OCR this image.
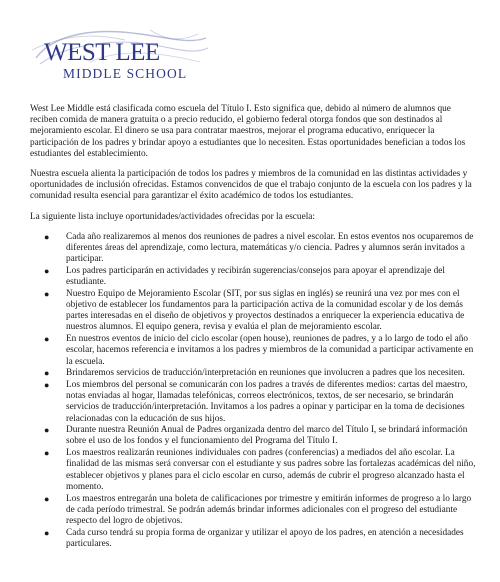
WEST LEE
MIDDLE SCHOOL

West Lee Middle está clasificada como escuela del Título I. Esto significa que, debido al número de alumnos que reciben comida de manera gratuita o a precio reducido, el gobierno federal otorga fondos que son destinados al mejoramiento escolar. El dinero se usa para contratar maestros, mejorar el programa educativo, enriquecer la participación de los padres y brindar apoyo a estudiantes que lo necesiten. Estas oportunidades benefician a todos los estudiantes del establecimiento.

Nuestra escuela alienta la participación de todos los padres y miembros de la comunidad en las distintas actividades y oportunidades de inclusión ofrecidas. Estamos convencidos de que el trabajo conjunto de la escuela con los padres y la comunidad resulta esencial para garantizar el éxito académico de todos los estudiantes.

La siguiente lista incluye oportunidades/actividades ofrecidas por la escuela:

● Cada año realizaremos al menos dos reuniones de padres a nivel escolar. En estos eventos nos ocuparemos de diferentes áreas del aprendizaje, como lectura, matemáticas y/o ciencia. Padres y alumnos serán invitados a participar.
● Los padres participarán en actividades y recibirán sugerencias/consejos para apoyar el aprendizaje del estudiante.
● Nuestro Equipo de Mejoramiento Escolar (SIT, por sus siglas en inglés) se reunirá una vez por mes con el objetivo de establecer los fundamentos para la participación activa de la comunidad escolar y de los demás partes interesadas en el diseño de objetivos y proyectos destinados a enriquecer la experiencia educativa de nuestros alumnos. El equipo genera, revisa y evalúa el plan de mejoramiento escolar.
● En nuestros eventos de inicio del ciclo escolar (open house), reuniones de padres, y a lo largo de todo el año escolar, hacemos referencia e invitamos a los padres y miembros de la comunidad a participar activamente en la escuela.
● Brindaremos servicios de traducción/interpretación en reuniones que involucren a padres que los necesiten.
● Los miembros del personal se comunicarán con los padres a través de diferentes medios: cartas del maestro, notas enviadas al hogar, llamadas telefónicas, correos electrónicos, textos, de ser necesario, se brindarán servicios de traducción/interpretación. Invitamos a los padres a opinar y participar en la toma de decisiones relacionadas con la educación de sus hijos.
● Durante nuestra Reunión Anual de Padres organizada dentro del marco del Título I, se brindará información sobre el uso de los fondos y el funcionamiento del Programa del Título I.
● Los maestros realizarán reuniones individuales con padres (conferencias) a mediados del año escolar. La finalidad de las mismas será conversar con el estudiante y sus padres sobre las fortalezas académicas del niño, establecer objetivos y planes para el ciclo escolar en curso, además de cubrir el progreso alcanzado hasta el momento.
● Los maestros entregarán una boleta de calificaciones por trimestre y emitirán informes de progreso a lo largo de cada período trimestral. Se podrán además brindar informes adicionales con el progreso del estudiante respecto del logro de objetivos.
● Cada curso tendrá su propia forma de organizar y utilizar el apoyo de los padres, en atención a necesidades particulares.
